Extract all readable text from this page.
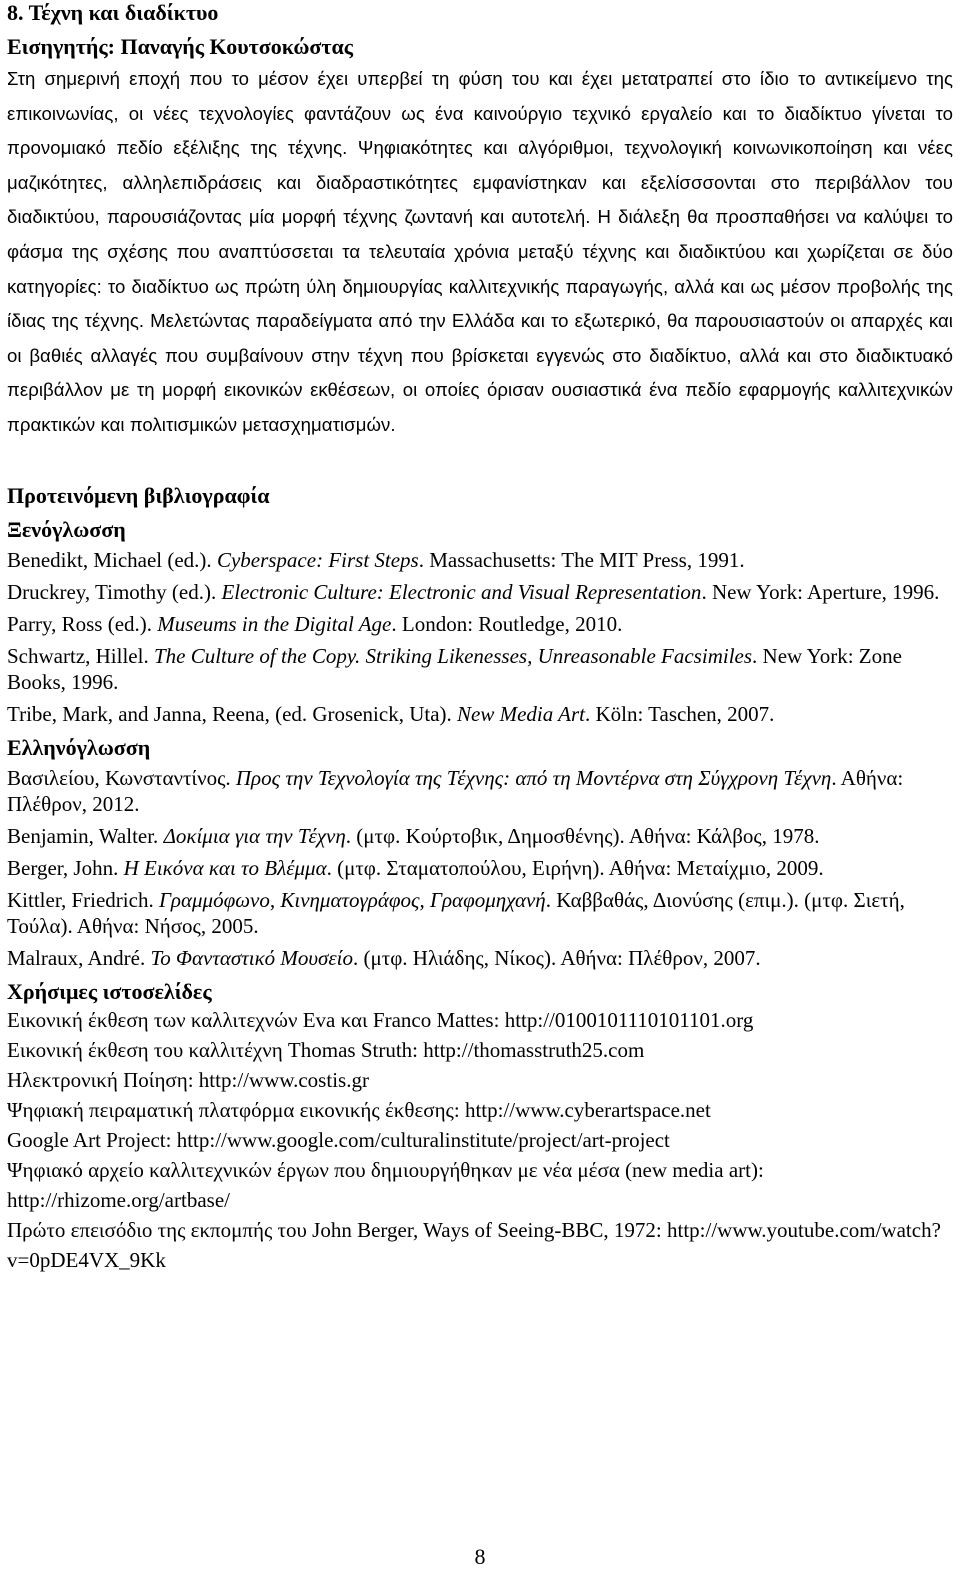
8. Τέχνη και διαδίκτυο
Εισηγητής: Παναγής Κουτσοκώστας

Στη σημερινή εποχή που το μέσον έχει υπερβεί τη φύση του και έχει μετατραπεί στο ίδιο το αντικείμενο της επικοινωνίας, οι νέες τεχνολογίες φαντάζουν ως ένα καινούργιο τεχνικό εργαλείο και το διαδίκτυο γίνεται το προνομιακό πεδίο εξέλιξης της τέχνης. Ψηφιακότητες και αλγόριθμοι, τεχνολογική κοινωνικοποίηση και νέες μαζικότητες, αλληλεπιδράσεις και διαδραστικότητες εμφανίστηκαν και εξελίσσσονται στο περιβάλλον του διαδικτύου, παρουσιάζοντας μία μορφή τέχνης ζωντανή και αυτοτελή. Η διάλεξη θα προσπαθήσει να καλύψει το φάσμα της σχέσης που αναπτύσσεται τα τελευταία χρόνια μεταξύ τέχνης και διαδικτύου και χωρίζεται σε δύο κατηγορίες: το διαδίκτυο ως πρώτη ύλη δημιουργίας καλλιτεχνικής παραγωγής, αλλά και ως μέσον προβολής της ίδιας της τέχνης. Μελετώντας παραδείγματα από την Ελλάδα και το εξωτερικό, θα παρουσιαστούν οι απαρχές και οι βαθιές αλλαγές που συμβαίνουν στην τέχνη που βρίσκεται εγγενώς στο διαδίκτυο, αλλά και στο διαδικτυακό περιβάλλον με τη μορφή εικονικών εκθέσεων, οι οποίες όρισαν ουσιαστικά ένα πεδίο εφαρμογής καλλιτεχνικών πρακτικών και πολιτισμικών μετασχηματισμών.

Προτεινόμενη βιβλιογραφία
Ξενόγλωσση
Benedikt, Michael (ed.). Cyberspace: First Steps. Massachusetts: The MIT Press, 1991.
Druckrey, Timothy (ed.). Electronic Culture: Electronic and Visual Representation. New York: Aperture, 1996.
Parry, Ross (ed.). Museums in the Digital Age. London: Routledge, 2010.
Schwartz, Hillel. The Culture of the Copy. Striking Likenesses, Unreasonable Facsimiles. New York: Zone Books, 1996.
Tribe, Mark, and Janna, Reena, (ed. Grosenick, Uta). New Media Art. Köln: Taschen, 2007.
Ελληνόγλωσση
Βασιλείου, Κωνσταντίνος. Προς την Τεχνολογία της Τέχνης: από τη Μοντέρνα στη Σύγχρονη Τέχνη. Αθήνα: Πλέθρον, 2012.
Benjamin, Walter. Δοκίμια για την Τέχνη. (μτφ. Κούρτοβικ, Δημοσθένης). Αθήνα: Κάλβος, 1978.
Berger, John. Η Εικόνα και το Βλέμμα. (μτφ. Σταματοπούλου, Ειρήνη). Αθήνα: Μεταίχμιο, 2009.
Kittler, Friedrich. Γραμμόφωνο, Κινηματογράφος, Γραφομηχανή. Καββαθάς, Διονύσης (επιμ.). (μτφ. Σιετή, Τούλα). Αθήνα: Νήσος, 2005.
Malraux, André. Το Φανταστικό Μουσείο. (μτφ. Ηλιάδης, Νίκος). Αθήνα: Πλέθρον, 2007.
Χρήσιμες ιστοσελίδες
Εικονική έκθεση των καλλιτεχνών Eva και Franco Mattes: http://0100101110101101.org
Εικονική έκθεση του καλλιτέχνη Thomas Struth: http://thomasstruth25.com
Ηλεκτρονική Ποίηση: http://www.costis.gr
Ψηφιακή πειραματική πλατφόρμα εικονικής έκθεσης: http://www.cyberartspace.net
Google Art Project: http://www.google.com/culturalinstitute/project/art-project
Ψηφιακό αρχείο καλλιτεχνικών έργων που δημιουργήθηκαν με νέα μέσα (new media art): http://rhizome.org/artbase/
Πρώτο επεισόδιο της εκπομπής του John Berger, Ways of Seeing-BBC, 1972: http://www.youtube.com/watch?v=0pDE4VX_9Kk
8
